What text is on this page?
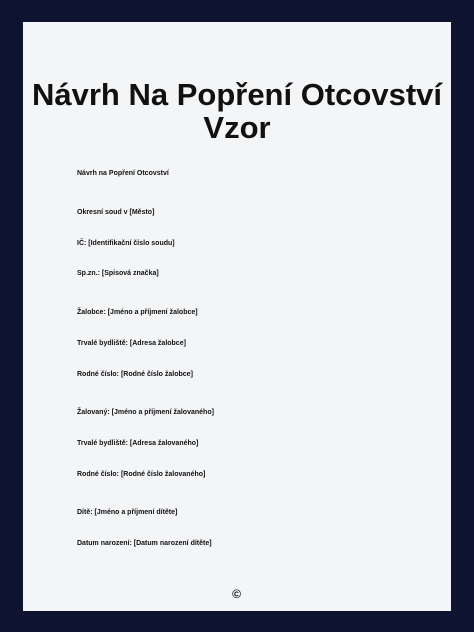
Návrh Na Popření Otcovství
Vzor
Návrh na Popření Otcovství
Okresní soud v [Město]
IČ: [Identifikační číslo soudu]
Sp.zn.: [Spisová značka]
Žalobce: [Jméno a příjmení žalobce]
Trvalé bydliště: [Adresa žalobce]
Rodné číslo: [Rodné číslo žalobce]
Žalovaný: [Jméno a příjmení žalovaného]
Trvalé bydliště: [Adresa žalovaného]
Rodné číslo: [Rodné číslo žalovaného]
Dítě: [Jméno a příjmení dítěte]
Datum narození: [Datum narození dítěte]
©
